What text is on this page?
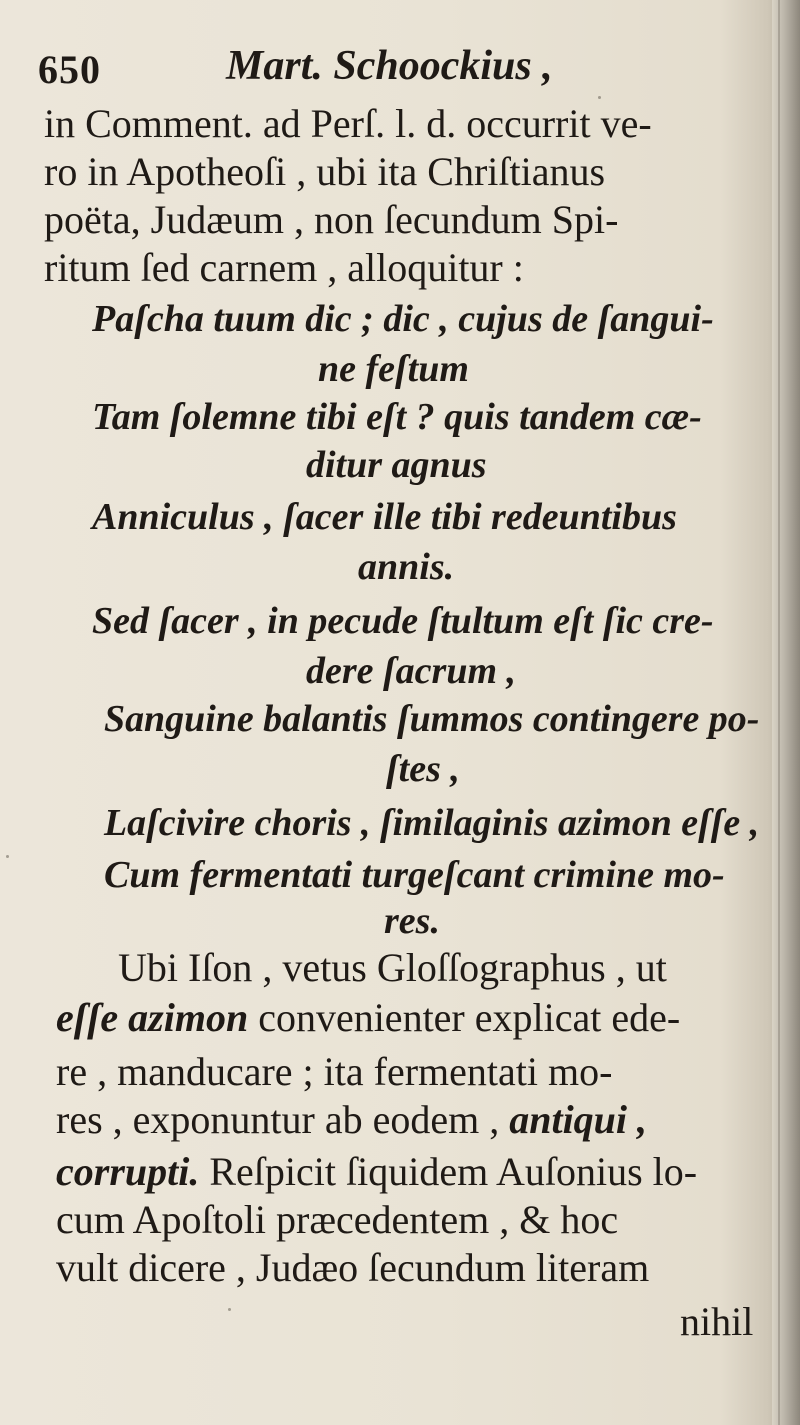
650	Mart. Schoockius ,
in Comment. ad Perſ. l. d. occurrit ve-
ro in Apotheoſi , ubi ita Chriſtianus
poëta, Judæum , non ſecundum Spi-
ritum ſed carnem , alloquitur :
Paſcha tuum dic ; dic , cujus de ſangui-
ne feſtum
Tam ſolemne tibi eſt ? quis tandem cæ-
ditur agnus
Anniculus , ſacer ille tibi redeuntibus
annis.
Sed ſacer , in pecude ſtultum eſt ſic cre-
dere ſacrum ,
Sanguine balantis ſummos contingere po-
ſtes ,
Laſcivire choris , ſimilaginis azimon eſſe ,
Cum fermentati turgeſcant crimine mo-
res.
Ubi Iſon , vetus Gloſſographus , ut
eſſe azimon convenienter explicat ede-
re , manducare ; ita fermentati mo-
res , exponuntur ab eodem , antiqui ,
corrupti. Reſpicit ſiquidem Auſonius lo-
cum Apoſtoli præcedentem , & hoc
vult dicere , Judæo ſecundum literam
nihil
